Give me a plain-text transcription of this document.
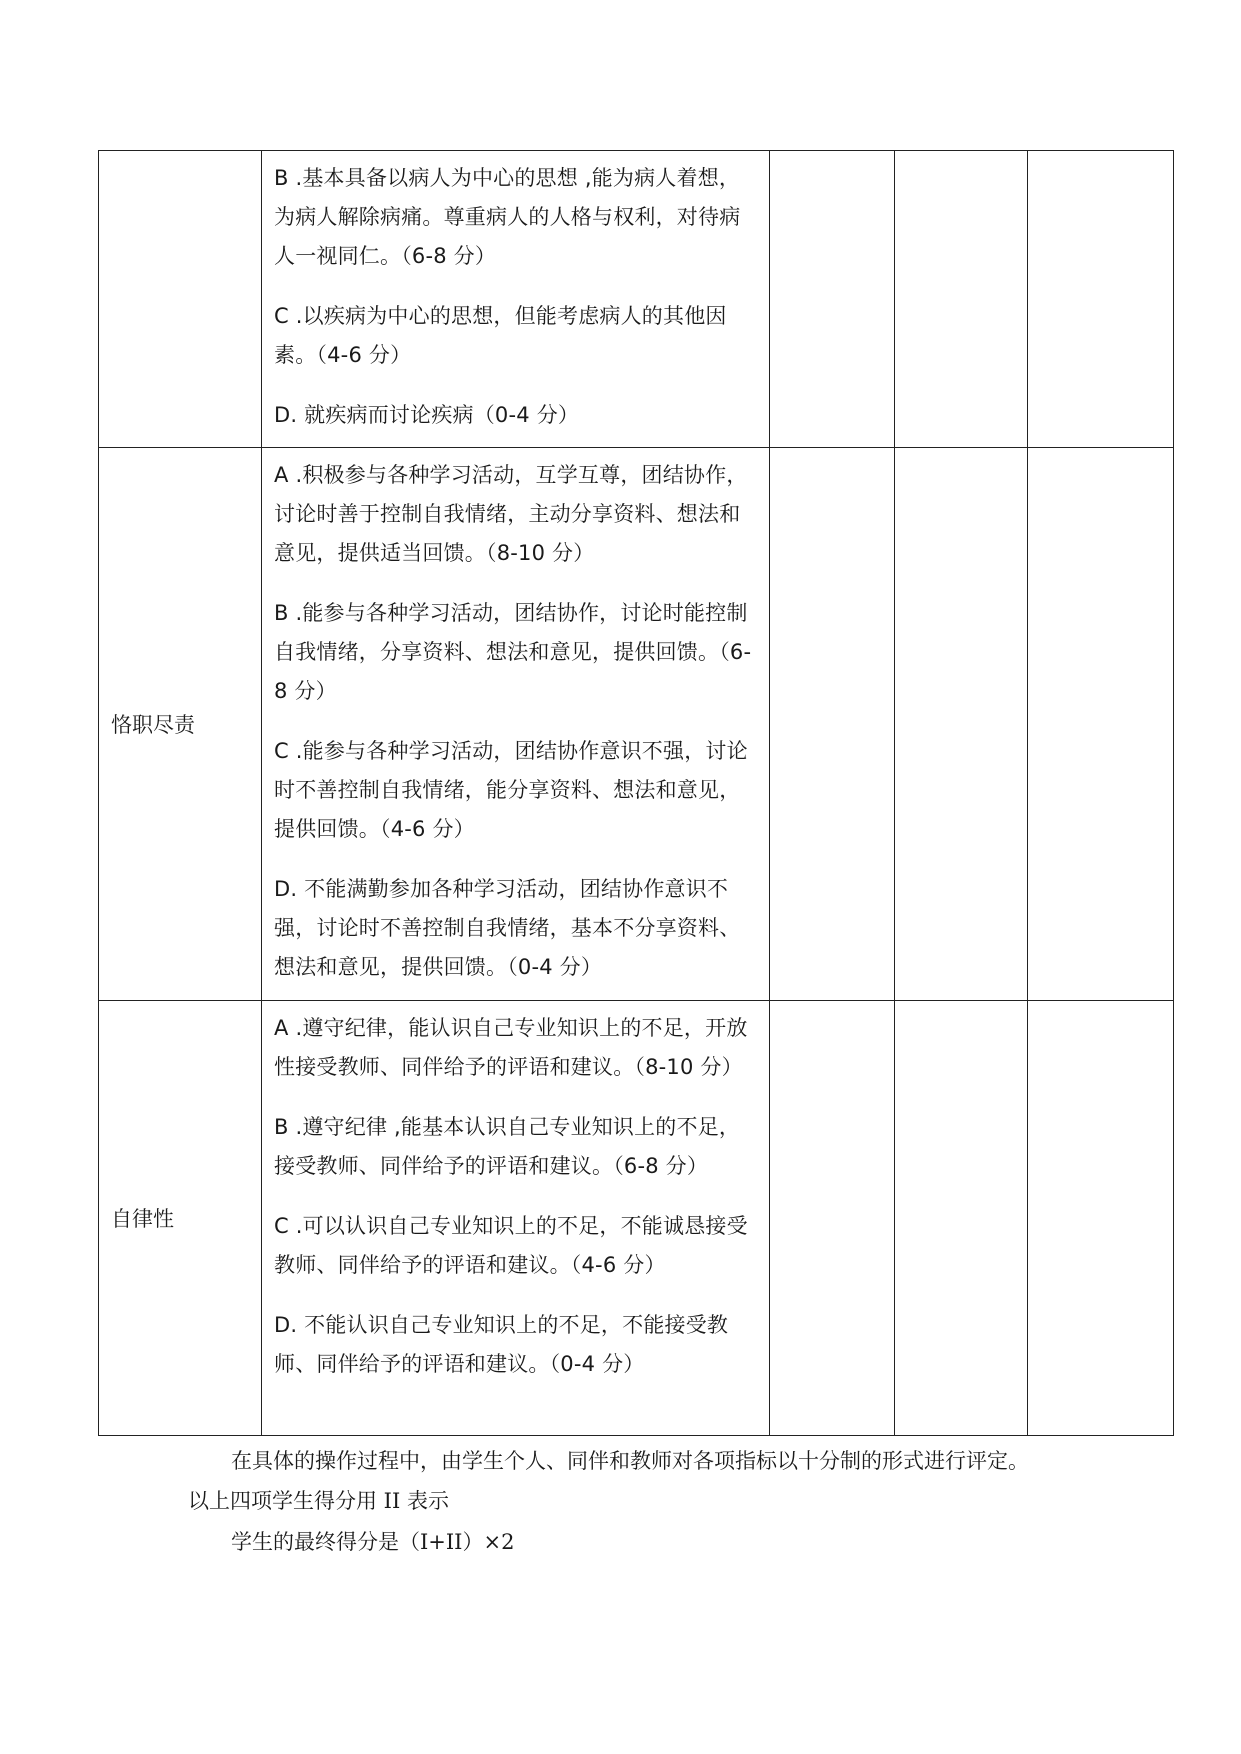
	B .基本具备以病人为中心的思想 ,能为病人着想，为病人解除病痛。尊重病人的人格与权利，对待病人一视同仁。（6-8 分）
C .以疾病为中心的思想，但能考虑病人的其他因素。（4-6 分）
D. 就疾病而讨论疾病（0-4 分）			

恪职尽责	A .积极参与各种学习活动，互学互尊，团结协作，讨论时善于控制自我情绪，主动分享资料、想法和意见，提供适当回馈。（8-10 分）
B .能参与各种学习活动，团结协作，讨论时能控制自我情绪，分享资料、想法和意见，提供回馈。（6-8 分）
C .能参与各种学习活动，团结协作意识不强，讨论时不善控制自我情绪，能分享资料、想法和意见，提供回馈。（4-6 分）
D. 不能满勤参加各种学习活动，团结协作意识不强，讨论时不善控制自我情绪，基本不分享资料、想法和意见，提供回馈。（0-4 分）			

自律性	A .遵守纪律，能认识自己专业知识上的不足，开放性接受教师、同伴给予的评语和建议。（8-10 分）
B .遵守纪律 ,能基本认识自己专业知识上的不足，接受教师、同伴给予的评语和建议。（6-8 分）
C .可以认识自己专业知识上的不足，不能诚恳接受教师、同伴给予的评语和建议。（4-6 分）
D. 不能认识自己专业知识上的不足，不能接受教师、同伴给予的评语和建议。（0-4 分）			

在具体的操作过程中，由学生个人、同伴和教师对各项指标以十分制的形式进行评定。
以上四项学生得分用 II 表示
学生的最终得分是（I+II）×2
